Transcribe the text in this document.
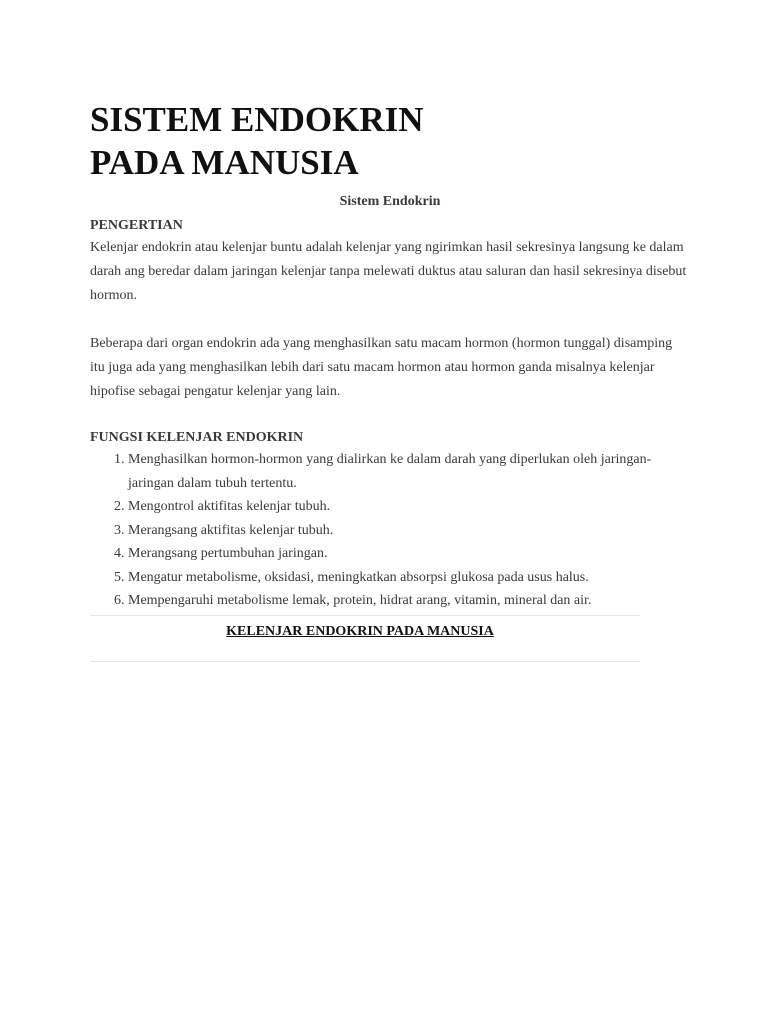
SISTEM ENDOKRIN
PADA MANUSIA
Sistem Endokrin
PENGERTIAN

Kelenjar endokrin atau kelenjar buntu adalah kelenjar yang ngirimkan hasil sekresinya langsung ke dalam darah ang beredar dalam jaringan kelenjar tanpa melewati duktus atau saluran dan hasil sekresinya disebut hormon.

Beberapa dari organ endokrin ada yang menghasilkan satu macam hormon (hormon tunggal) disamping itu juga ada yang menghasilkan lebih dari satu macam hormon atau hormon ganda misalnya kelenjar hipofise sebagai pengatur kelenjar yang lain.

FUNGSI KELENJAR ENDOKRIN
1. Menghasilkan hormon-hormon yang dialirkan ke dalam darah yang diperlukan oleh jaringan-jaringan dalam tubuh tertentu.
2. Mengontrol aktifitas kelenjar tubuh.
3. Merangsang aktifitas kelenjar tubuh.
4. Merangsang pertumbuhan jaringan.
5. Mengatur metabolisme, oksidasi, meningkatkan absorpsi glukosa pada usus halus.
6. Mempengaruhi metabolisme lemak, protein, hidrat arang, vitamin, mineral dan air.
KELENJAR ENDOKRIN PADA MANUSIA
